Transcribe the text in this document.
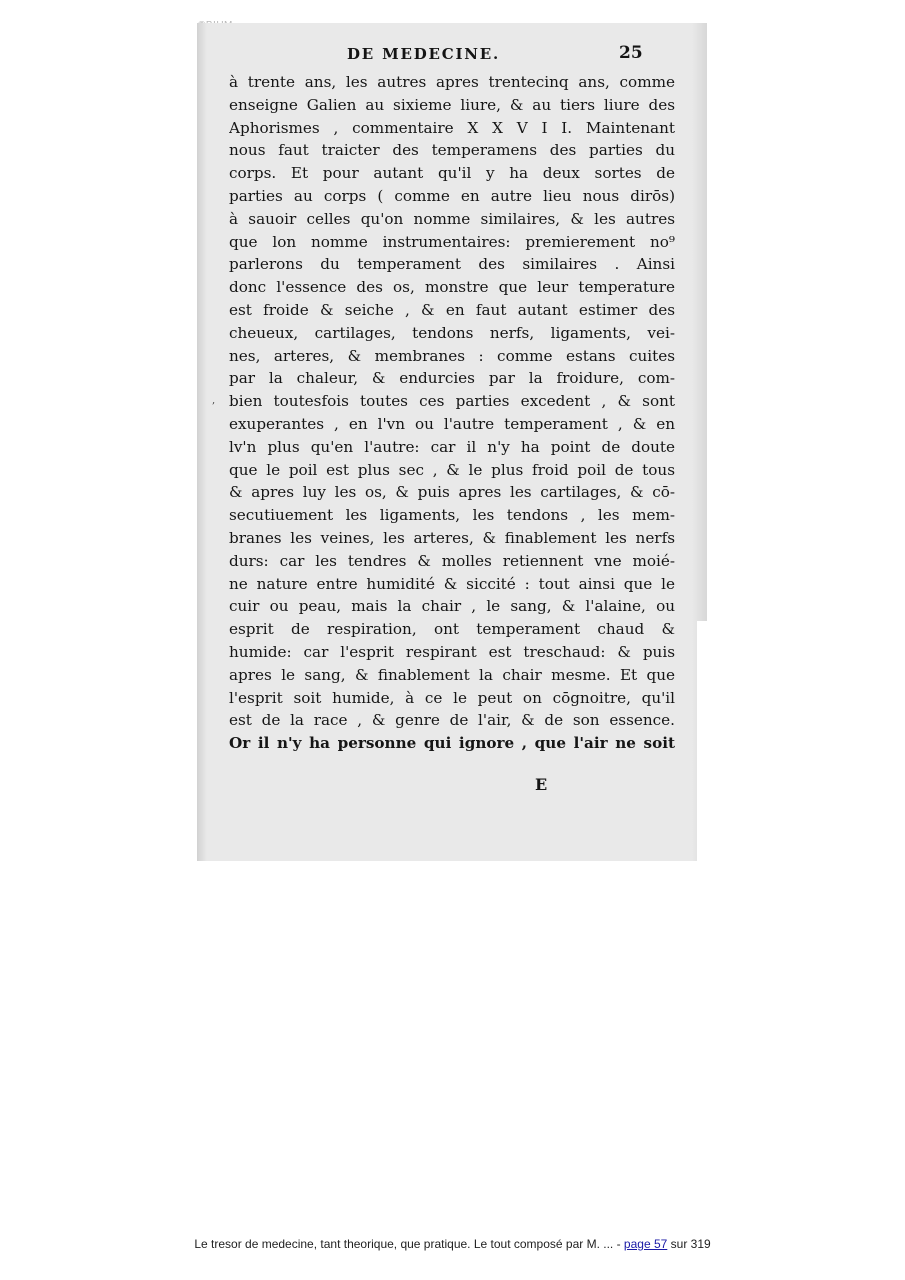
DE MEDECINE.	25
à trente ans, les autres apres trentecinq ans, comme
enseigne Galien au sixieme liure, & au tiers liure des
Aphorismes , commentaire X X V I I. Maintenant
nous faut traicter des temperamens des parties du
corps. Et pour autant qu'il y ha deux sortes de
parties au corps ( comme en autre lieu nous dirōs)
à sauoir celles qu'on nomme similaires, & les autres
que lon nomme instrumentaires: premierement no⁹
parlerons du temperament des similaires . Ainsi
donc l'essence des os, monstre que leur temperature
est froide & seiche , & en faut autant estimer des
cheueux, cartilages, tendons nerfs, ligaments, vei-
nes, arteres, & membranes : comme estans cuites
par la chaleur, & endurcies par la froidure, com-
bien toutesfois toutes ces parties excedent , & sont
exuperantes , en l'vn ou l'autre temperament , & en
lv'n plus qu'en l'autre: car il n'y ha point de doute
que le poil est plus sec , & le plus froid poil de tous
& apres luy les os, & puis apres les cartilages, & cō-
secutiuement les ligaments, les tendons , les mem-
branes les veines, les arteres, & finablement les nerfs
durs: car les tendres & molles retiennent vne moié-
ne nature entre humidité & siccité : tout ainsi que le
cuir ou peau, mais la chair , le sang, & l'alaine, ou
esprit de respiration, ont temperament chaud &
humide: car l'esprit respirant est treschaud: & puis
apres le sang, & finablement la chair mesme. Et que
l'esprit soit humide, à ce le peut on cōgnoitre, qu'il
est de la race , & genre de l'air, & de son essence.
Or il n'y ha personne qui ignore , que l'air ne soit
,
E
Le tresor de medecine, tant theorique, que pratique. Le tout composé par M. ... - page 57 sur 319
